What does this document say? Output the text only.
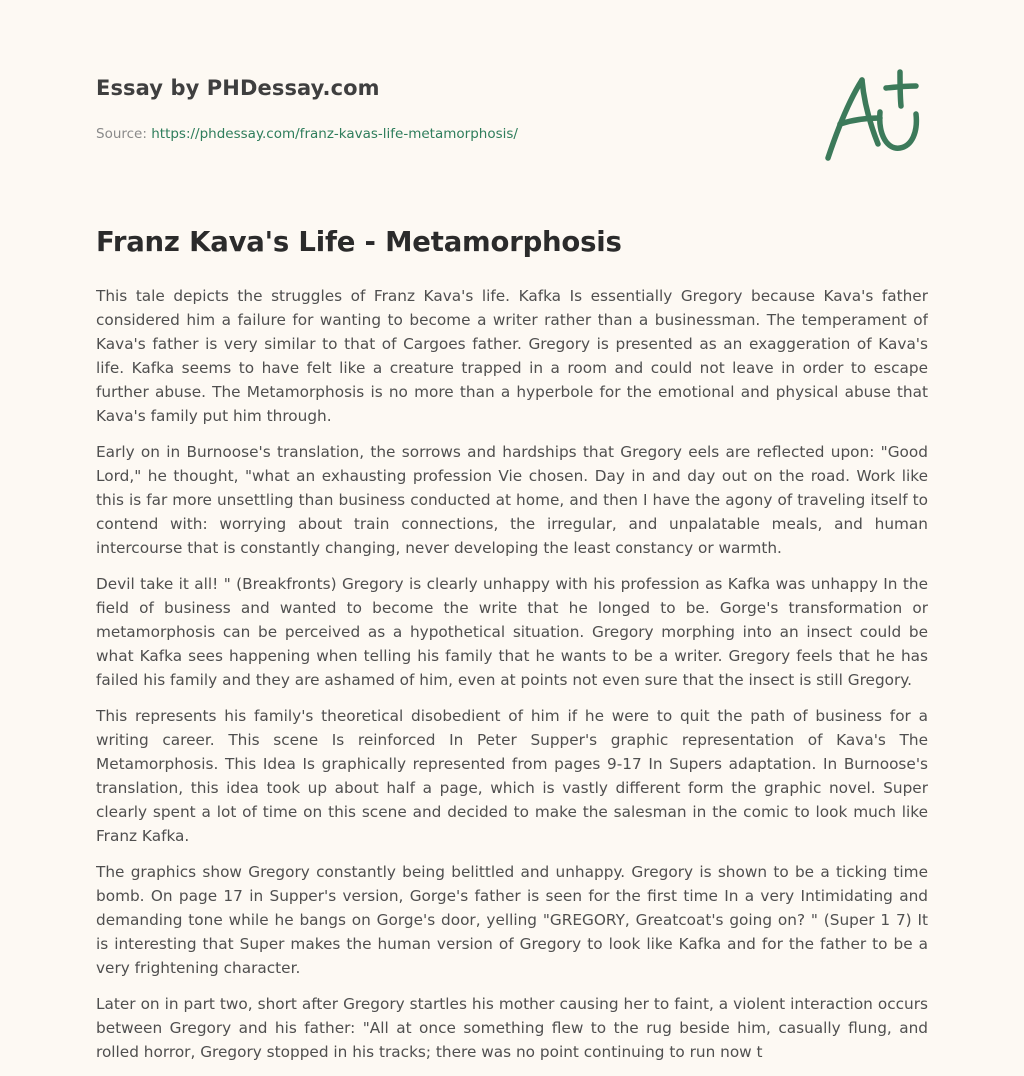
Essay by PHDessay.com
Source: https://phdessay.com/franz-kavas-life-metamorphosis/
Franz Kava's Life - Metamorphosis

This tale depicts the struggles of Franz Kava's life. Kafka Is essentially Gregory because Kava's father considered him a failure for wanting to become a writer rather than a businessman. The temperament of Kava's father is very similar to that of Cargoes father. Gregory is presented as an exaggeration of Kava's life. Kafka seems to have felt like a creature trapped in a room and could not leave in order to escape further abuse. The Metamorphosis is no more than a hyperbole for the emotional and physical abuse that Kava's family put him through.

Early on in Burnoose's translation, the sorrows and hardships that Gregory eels are reflected upon: "Good Lord," he thought, "what an exhausting profession Vie chosen. Day in and day out on the road. Work like this is far more unsettling than business conducted at home, and then I have the agony of traveling itself to contend with: worrying about train connections, the irregular, and unpalatable meals, and human intercourse that is constantly changing, never developing the least constancy or warmth.

Devil take it all! " (Breakfronts) Gregory is clearly unhappy with his profession as Kafka was unhappy In the field of business and wanted to become the write that he longed to be. Gorge's transformation or metamorphosis can be perceived as a hypothetical situation. Gregory morphing into an insect could be what Kafka sees happening when telling his family that he wants to be a writer. Gregory feels that he has failed his family and they are ashamed of him, even at points not even sure that the insect is still Gregory.

This represents his family's theoretical disobedient of him if he were to quit the path of business for a writing career. This scene Is reinforced In Peter Supper's graphic representation of Kava's The Metamorphosis. This Idea Is graphically represented from pages 9-17 In Supers adaptation. In Burnoose's translation, this idea took up about half a page, which is vastly different form the graphic novel. Super clearly spent a lot of time on this scene and decided to make the salesman in the comic to look much like Franz Kafka.

The graphics show Gregory constantly being belittled and unhappy. Gregory is shown to be a ticking time bomb. On page 17 in Supper's version, Gorge's father is seen for the first time In a very Intimidating and demanding tone while he bangs on Gorge's door, yelling "GREGORY, Greatcoat's going on? " (Super 1 7) It is interesting that Super makes the human version of Gregory to look like Kafka and for the father to be a very frightening character.

Later on in part two, short after Gregory startles his mother causing her to faint, a violent interaction occurs between Gregory and his father: "All at once something flew to the rug beside him, casually flung, and rolled horror, Gregory stopped in his tracks; there was no point continuing to run now t
